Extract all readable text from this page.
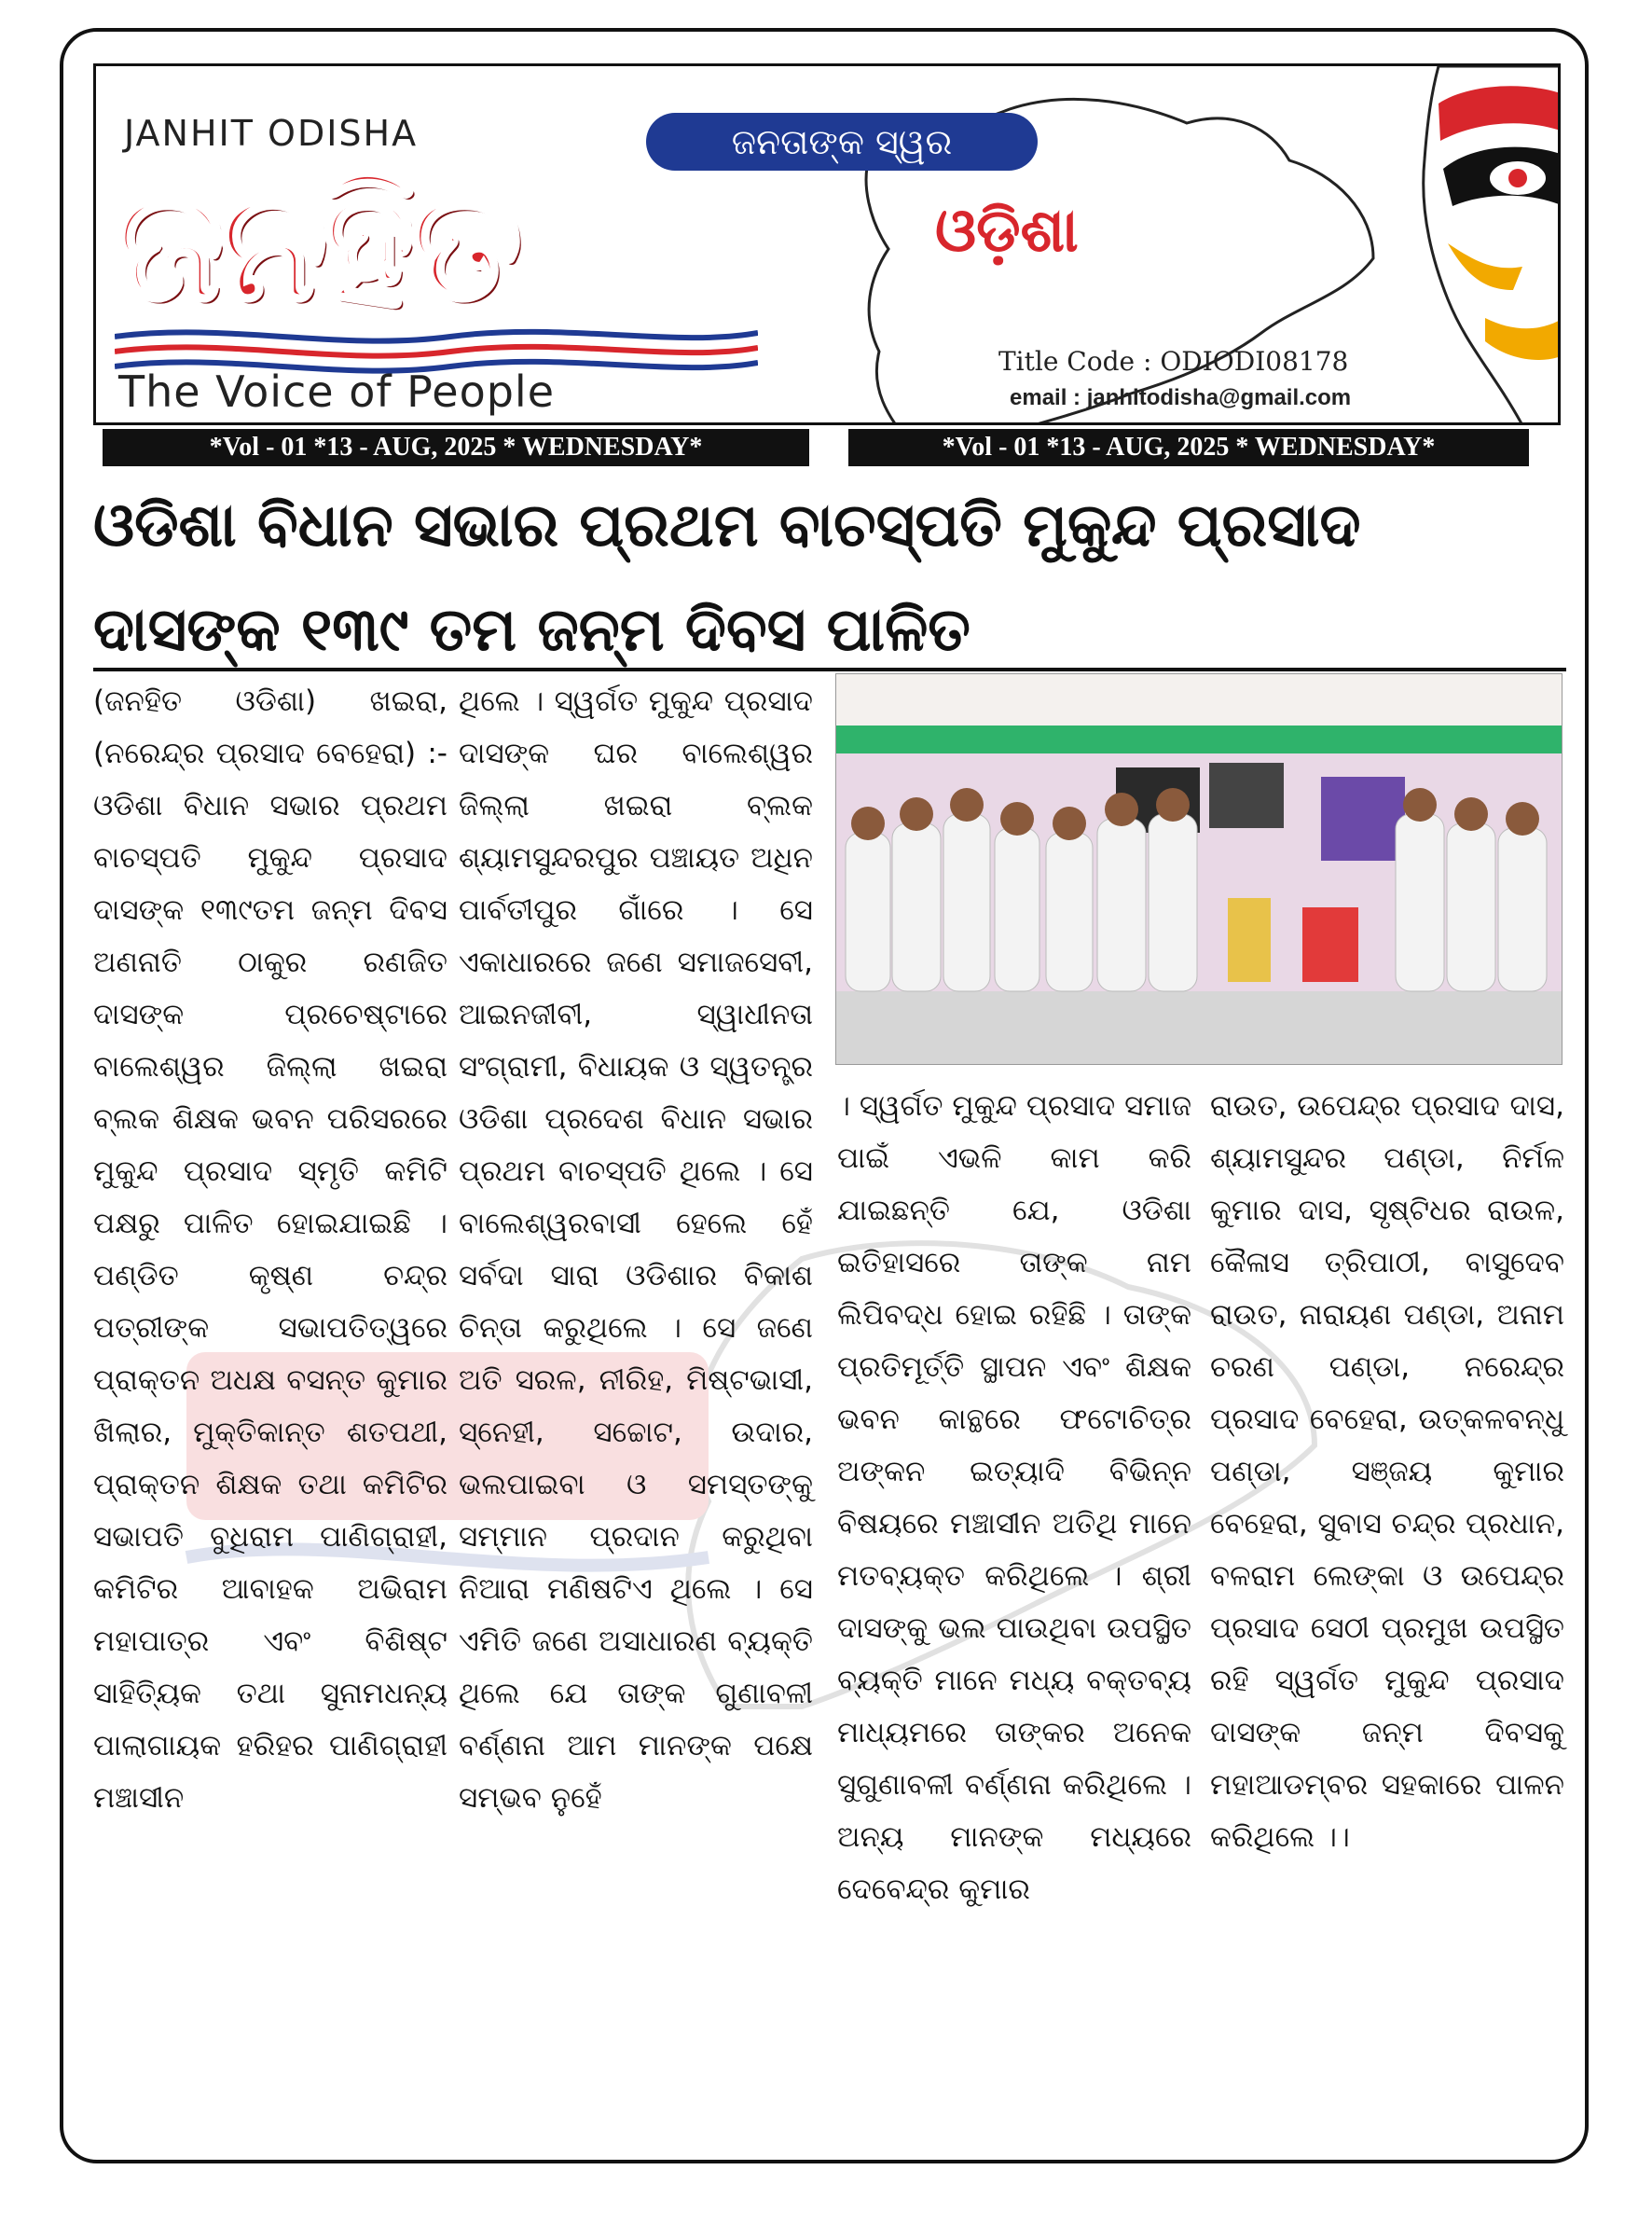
JANHIT ODISHA	ଜନତାଙ୍କ ସ୍ୱର
ଜନହିତ
The Voice of People
ଓଡ଼ିଶା
Title Code : ODIODI08178
email : janhitodisha@gmail.com
*Vol - 01 *13 - AUG, 2025 * WEDNESDAY*	*Vol - 01 *13 - AUG, 2025 * WEDNESDAY*
ଓଡିଶା ବିଧାନ ସଭାର ପ୍ରଥମ ବାଚସ୍ପତି ମୁକୁନ୍ଦ ପ୍ରସାଦ ଦାସଙ୍କ ୧୩୯ ତମ ଜନ୍ମ ଦିବସ ପାଳିତ
(ଜନହିତ ଓଡିଶା) ଖଇରା, (ନରେନ୍ଦ୍ର ପ୍ରସାଦ ବେହେରା) :- ଓଡିଶା ବିଧାନ ସଭାର ପ୍ରଥମ ବାଚସ୍ପତି ମୁକୁନ୍ଦ ପ୍ରସାଦ ଦାସଙ୍କ ୧୩୯ତମ ଜନ୍ମ ଦିବସ ଅଣନାତି ଠାକୁର ରଣଜିତ ଦାସଙ୍କ ପ୍ରଚେଷ୍ଟାରେ ବାଲେଶ୍ୱର ଜିଲ୍ଲା ଖଇରା ବ୍ଲକ ଶିକ୍ଷକ ଭବନ ପରିସରରେ ମୁକୁନ୍ଦ ପ୍ରସାଦ ସ୍ମୃତି କମିଟି ପକ୍ଷରୁ ପାଳିତ ହୋଇଯାଇଛି । ପଣ୍ଡିତ କୃଷ୍ଣ ଚନ୍ଦ୍ର ପତ୍ରୀଙ୍କ ସଭାପତିତ୍ୱରେ ପ୍ରାକ୍ତନ ଅଧକ୍ଷ ବସନ୍ତ କୁମାର ଖିଲାର, ମୁକ୍ତିକାନ୍ତ ଶତପଥୀ, ପ୍ରାକ୍ତନ ଶିକ୍ଷକ ତଥା କମିଟିର ସଭାପତି ବୁଧିରାମ ପାଣିଗ୍ରାହୀ, କମିଟିର ଆବାହକ ଅଭିରାମ ମହାପାତ୍ର ଏବଂ ବିଶିଷ୍ଟ ସାହିତ୍ୟିକ ତଥା ସୁନାମଧନ୍ୟ ପାଲାଗାୟକ ହରିହର ପାଣିଗ୍ରାହୀ ମଞ୍ଚାସୀନ
ଥିଲେ । ସ୍ୱର୍ଗତ ମୁକୁନ୍ଦ ପ୍ରସାଦ ଦାସଙ୍କ ଘର ବାଲେଶ୍ୱର ଜିଲ୍ଲା ଖଇରା ବ୍ଲକ ଶ୍ୟାମସୁନ୍ଦରପୁର ପଞ୍ଚାୟତ ଅଧିନ ପାର୍ବତୀପୁର ଗାଁରେ । ସେ ଏକାଧାରରେ ଜଣେ ସମାଜସେବୀ, ଆଇନଜୀବୀ, ସ୍ୱାଧୀନତା ସଂଗ୍ରାମୀ, ବିଧାୟକ ଓ ସ୍ୱତନ୍ତ୍ର ଓଡିଶା ପ୍ରଦେଶ ବିଧାନ ସଭାର ପ୍ରଥମ ବାଚସ୍ପତି ଥିଲେ । ସେ ବାଲେଶ୍ୱରବାସୀ ହେଲେ ହେଁ ସର୍ବଦା ସାରା ଓଡିଶାର ବିକାଶ ଚିନ୍ତା କରୁଥିଲେ । ସେ ଜଣେ ଅତି ସରଳ, ନୀରିହ, ମିଷ୍ଟଭାସୀ, ସ୍ନେହୀ, ସଚ୍ଚୋଟ, ଉଦାର, ଭଲପାଇବା ଓ ସମସ୍ତଙ୍କୁ ସମ୍ମାନ ପ୍ରଦାନ କରୁଥିବା ନିଆରା ମଣିଷଟିଏ ଥିଲେ । ସେ ଏମିତି ଜଣେ ଅସାଧାରଣ ବ୍ୟକ୍ତି ଥିଲେ ଯେ ତାଙ୍କ ଗୁଣାବଳୀ ବର୍ଣ୍ଣନା ଆମ ମାନଙ୍କ ପକ୍ଷେ ସମ୍ଭବ ନୁହେଁ
। ସ୍ୱର୍ଗତ ମୁକୁନ୍ଦ ପ୍ରସାଦ ସମାଜ ପାଇଁ ଏଭଳି କାମ କରି ଯାଇଛନ୍ତି ଯେ, ଓଡିଶା ଇତିହାସରେ ତାଙ୍କ ନାମ ଲିପିବଦ୍ଧ ହୋଇ ରହିଛି । ତାଙ୍କ ପ୍ରତିମୂର୍ତ୍ତି ସ୍ଥାପନ ଏବଂ ଶିକ୍ଷକ ଭବନ କାନ୍ଥରେ ଫଟୋଚିତ୍ର ଅଙ୍କନ ଇତ୍ୟାଦି ବିଭିନ୍ନ ବିଷୟରେ ମଞ୍ଚାସୀନ ଅତିଥି ମାନେ ମତବ୍ୟକ୍ତ କରିଥିଲେ । ଶ୍ରୀ ଦାସଙ୍କୁ ଭଲ ପାଉଥିବା ଉପସ୍ଥିତ ବ୍ୟକ୍ତି ମାନେ ମଧ୍ୟ ବକ୍ତବ୍ୟ ମାଧ୍ୟମରେ ତାଙ୍କର ଅନେକ ସୁଗୁଣାବଳୀ ବର୍ଣ୍ଣନା କରିଥିଲେ । ଅନ୍ୟ ମାନଙ୍କ ମଧ୍ୟରେ ଦେବେନ୍ଦ୍ର କୁମାର
ରାଉତ, ଉପେନ୍ଦ୍ର ପ୍ରସାଦ ଦାସ, ଶ୍ୟାମସୁନ୍ଦର ପଣ୍ଡା, ନିର୍ମଳ କୁମାର ଦାସ, ସୃଷ୍ଟିଧର ରାଉଳ, କୈଳାସ ତ୍ରିପାଠୀ, ବାସୁଦେବ ରାଉତ, ନାରାୟଣ ପଣ୍ଡା, ଅନାମ ଚରଣ ପଣ୍ଡା, ନରେନ୍ଦ୍ର ପ୍ରସାଦ ବେହେରା, ଉତ୍କଳବନ୍ଧୁ ପଣ୍ଡା, ସଞ୍ଜୟ କୁମାର ବେହେରା, ସୁବାସ ଚନ୍ଦ୍ର ପ୍ରଧାନ, ବଳରାମ ଲେଙ୍କା ଓ ଉପେନ୍ଦ୍ର ପ୍ରସାଦ ସେଠୀ ପ୍ରମୁଖ ଉପସ୍ଥିତ ରହି ସ୍ୱର୍ଗତ ମୁକୁନ୍ଦ ପ୍ରସାଦ ଦାସଙ୍କ ଜନ୍ମ ଦିବସକୁ ମହାଆଡମ୍ବର ସହକାରେ ପାଳନ କରିଥିଲେ ।।
